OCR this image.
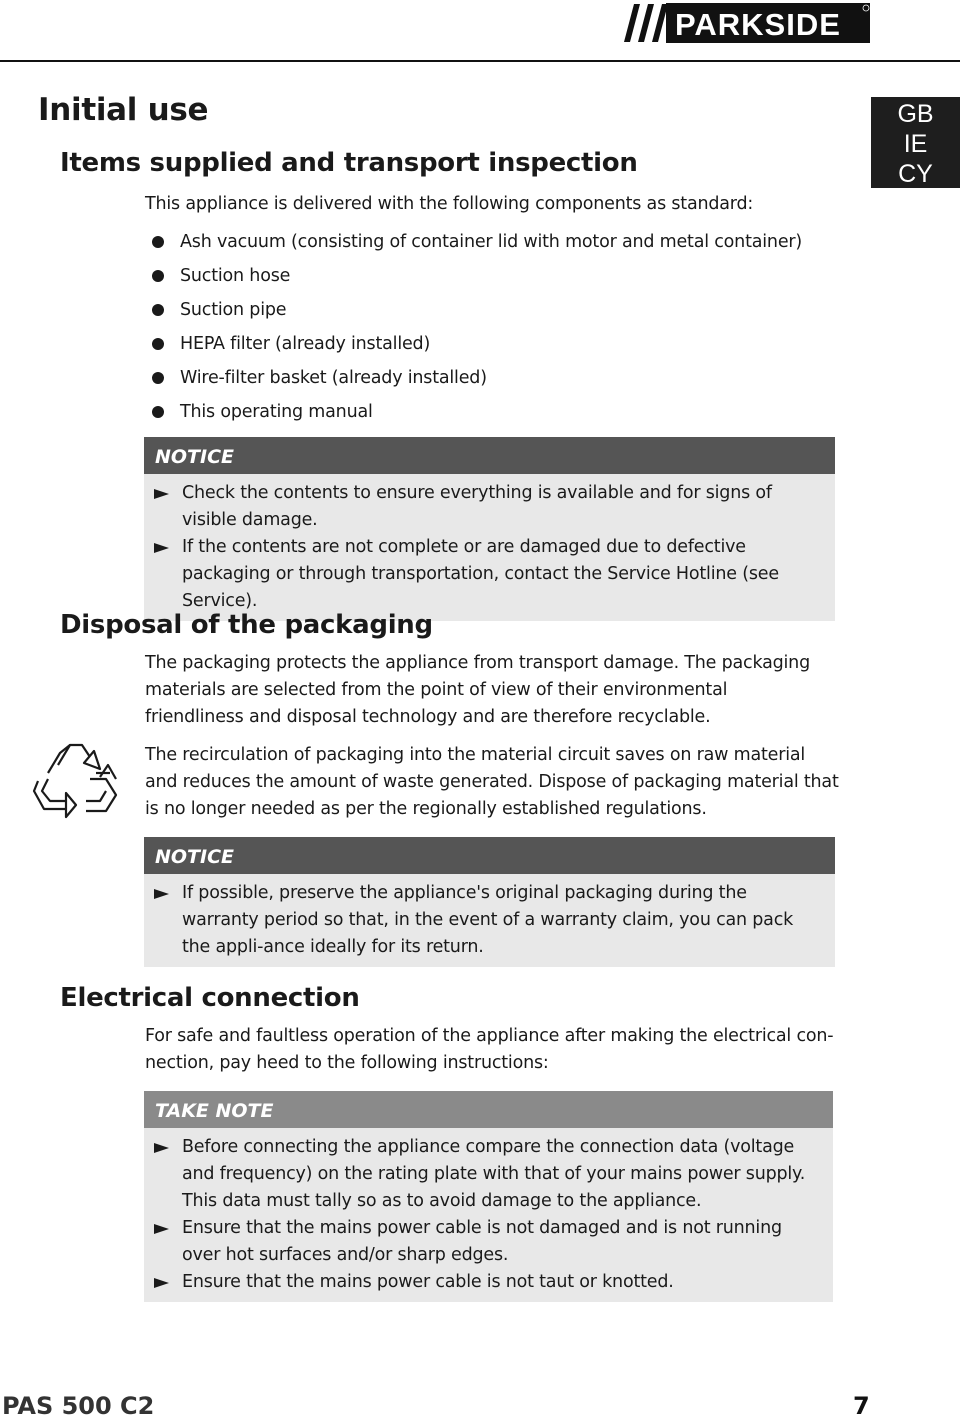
PARKSIDE
GB
IE
CY
Initial use
Items supplied and transport inspection

This appliance is delivered with the following components as standard:

Ash vacuum (consisting of container lid with motor and metal container)
Suction hose
Suction pipe
HEPA filter (already installed)
Wire-filter basket (already installed)
This operating manual
NOTICE
Check the contents to ensure everything is available and for signs of visible damage.
If the contents are not complete or are damaged due to defective packaging or through transportation, contact the Service Hotline (see Service).
Disposal of the packaging

The packaging protects the appliance from transport damage. The packaging materials are selected from the point of view of their environmental friendliness and disposal technology and are therefore recyclable.

The recirculation of packaging into the material circuit saves on raw material and reduces the amount of waste generated. Dispose of packaging material that is no longer needed as per the regionally established regulations.

NOTICE
If possible, preserve the appliance's original packaging during the warranty period so that, in the event of a warranty claim, you can pack the appli-ance ideally for its return.
Electrical connection

For safe and faultless operation of the appliance after making the electrical con-nection, pay heed to the following instructions:

TAKE NOTE
Before connecting the appliance compare the connection data (voltage and frequency) on the rating plate with that of your mains power supply. This data must tally so as to avoid damage to the appliance.
Ensure that the mains power cable is not damaged and is not running over hot surfaces and/or sharp edges.
Ensure that the mains power cable is not taut or knotted.
PAS 500 C2	7
